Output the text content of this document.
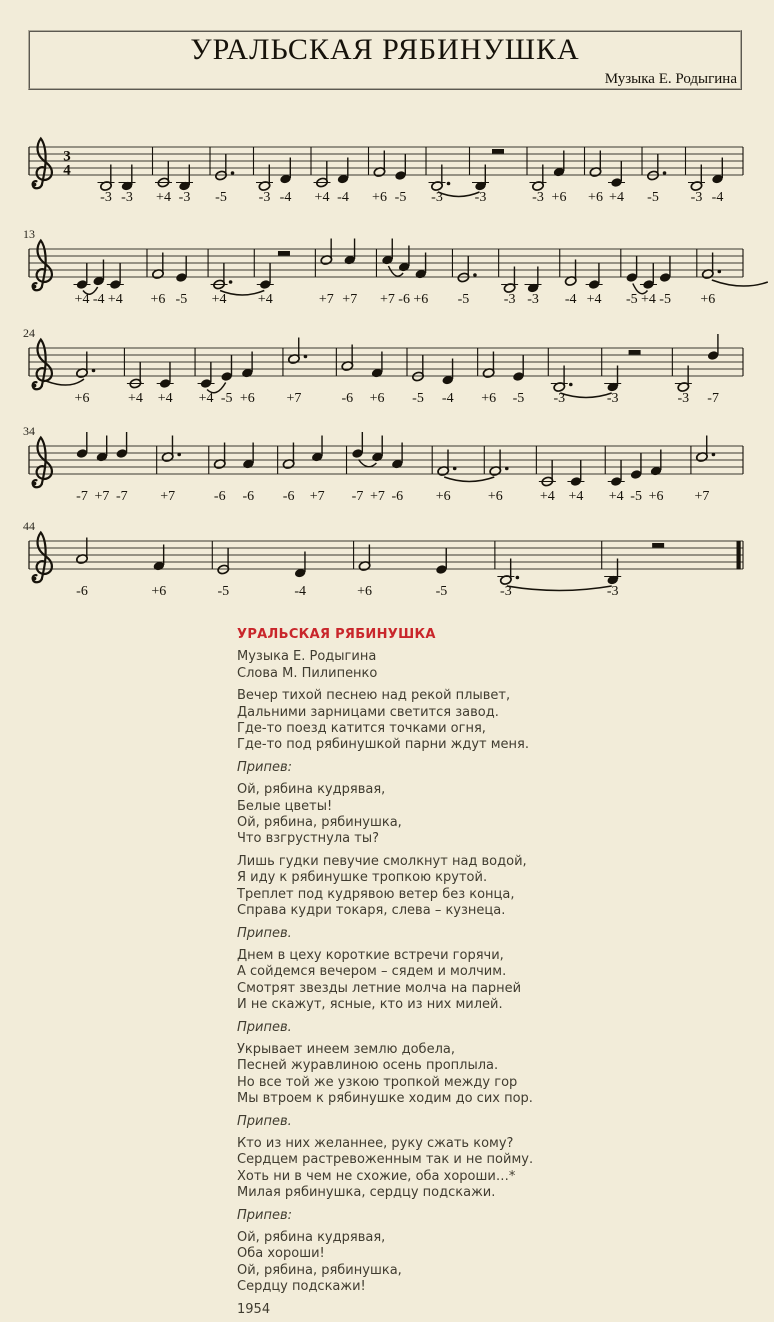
УРАЛЬСКАЯ РЯБИНУШКА
Музыка Е. Родыгина
3
4
-3 -3 +4 -3 -5 -3 -4 +4 -4 +6 -5 -3 -3	-3 +6 +6 +4 -5 -3 -4
13
+4 -4 +4 +6 -5 +4 +4	+7 +7 +7 -6 +6 -5 -3 -3 -4 +4 -5 +4 -5 +6
24
+6	+4 +4 +4 -5 +6 +7	-6 +6 -5 -4 +6 -5 -3	-3	-3 -7
34
-7 +7 -7 +7	-6 -6 -6 +7 -7 +7 -6 +6	+6	+4 +4 +4 -5 +6 +7
44
-6	+6	-5	-4	+6	-5	-3	-3
УРАЛЬСКАЯ РЯБИНУШКА
Музыка Е. Родыгина
Слова М. Пилипенко
Вечер тихой песнею над рекой плывет,
Дальними зарницами светится завод.
Где-то поезд катится точками огня,
Где-то под рябинушкой парни ждут меня.
Припев:
Ой, рябина кудрявая,
Белые цветы!
Ой, рябина, рябинушка,
Что взгрустнула ты?
Лишь гудки певучие смолкнут над водой,
Я иду к рябинушке тропкою крутой.
Треплет под кудрявою ветер без конца,
Справа кудри токаря, слева – кузнеца.
Припев.
Днем в цеху короткие встречи горячи,
А сойдемся вечером – сядем и молчим.
Смотрят звезды летние молча на парней
И не скажут, ясные, кто из них милей.
Припев.
Укрывает инеем землю добела,
Песней журавлиною осень проплыла.
Но все той же узкою тропкой между гор
Мы втроем к рябинушке ходим до сих пор.
Припев.
Кто из них желаннее, руку сжать кому?
Сердцем растревоженным так и не пойму.
Хоть ни в чем не схожие, оба хороши…*
Милая рябинушка, сердцу подскажи.
Припев:
Ой, рябина кудрявая,
Оба хороши!
Ой, рябина, рябинушка,
Сердцу подскажи!
1954
